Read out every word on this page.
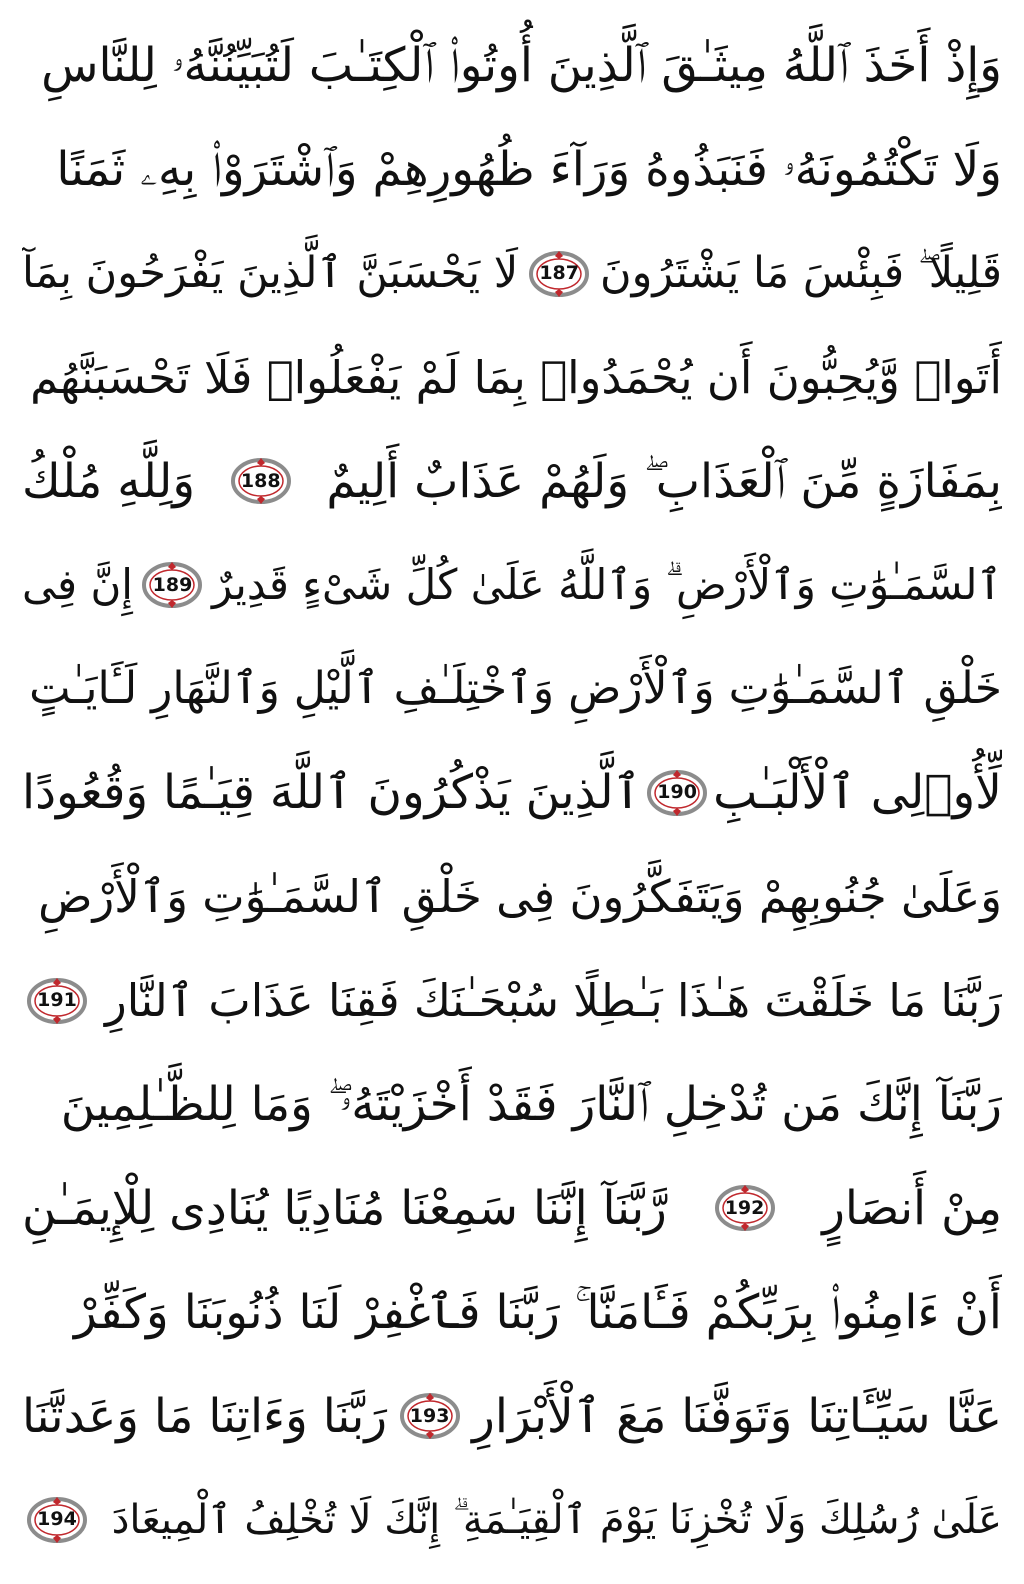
وَإِذْ أَخَذَ ٱللَّهُ مِيثَـٰقَ ٱلَّذِينَ أُوتُوا۟ ٱلْكِتَـٰبَ لَتُبَيِّنُنَّهُۥ لِلنَّاسِ
وَلَا تَكْتُمُونَهُۥ فَنَبَذُوهُ وَرَآءَ ظُهُورِهِمْ وَٱشْتَرَوْا۟ بِهِۦ ثَمَنًا
قَلِيلًا ۖ فَبِئْسَ مَا يَشْتَرُونَ
187
لَا يَحْسَبَنَّ ٱلَّذِينَ يَفْرَحُونَ بِمَآ
أَتَوا۟ وَّيُحِبُّونَ أَن يُحْمَدُوا۟ بِمَا لَمْ يَفْعَلُوا۟ فَلَا تَحْسَبَنَّهُم
بِمَفَازَةٍ مِّنَ ٱلْعَذَابِ ۖ وَلَهُمْ عَذَابٌ أَلِيمٌ
188
وَلِلَّهِ مُلْكُ
ٱلسَّمَـٰوَٰتِ وَٱلْأَرْضِ ۗ وَٱللَّهُ عَلَىٰ كُلِّ شَىْءٍ قَدِيرٌ
189
إِنَّ فِى
خَلْقِ ٱلسَّمَـٰوَٰتِ وَٱلْأَرْضِ وَٱخْتِلَـٰفِ ٱلَّيْلِ وَٱلنَّهَارِ لَـَٔايَـٰتٍ
لِّأُو۟لِى ٱلْأَلْبَـٰبِ
190
ٱلَّذِينَ يَذْكُرُونَ ٱللَّهَ قِيَـٰمًا وَقُعُودًا
وَعَلَىٰ جُنُوبِهِمْ وَيَتَفَكَّرُونَ فِى خَلْقِ ٱلسَّمَـٰوَٰتِ وَٱلْأَرْضِ
رَبَّنَا مَا خَلَقْتَ هَـٰذَا بَـٰطِلًا سُبْحَـٰنَكَ فَقِنَا عَذَابَ ٱلنَّارِ
191
رَبَّنَآ إِنَّكَ مَن تُدْخِلِ ٱلنَّارَ فَقَدْ أَخْزَيْتَهُۥ ۖ وَمَا لِلظَّـٰلِمِينَ
مِنْ أَنصَارٍ
192
رَّبَّنَآ إِنَّنَا سَمِعْنَا مُنَادِيًا يُنَادِى لِلْإِيمَـٰنِ
أَنْ ءَامِنُوا۟ بِرَبِّكُمْ فَـَٔامَنَّا ۚ رَبَّنَا فَٱغْفِرْ لَنَا ذُنُوبَنَا وَكَفِّرْ
عَنَّا سَيِّـَٔاتِنَا وَتَوَفَّنَا مَعَ ٱلْأَبْرَارِ
193
رَبَّنَا وَءَاتِنَا مَا وَعَدتَّنَا
عَلَىٰ رُسُلِكَ وَلَا تُخْزِنَا يَوْمَ ٱلْقِيَـٰمَةِ ۗ إِنَّكَ لَا تُخْلِفُ ٱلْمِيعَادَ
194
